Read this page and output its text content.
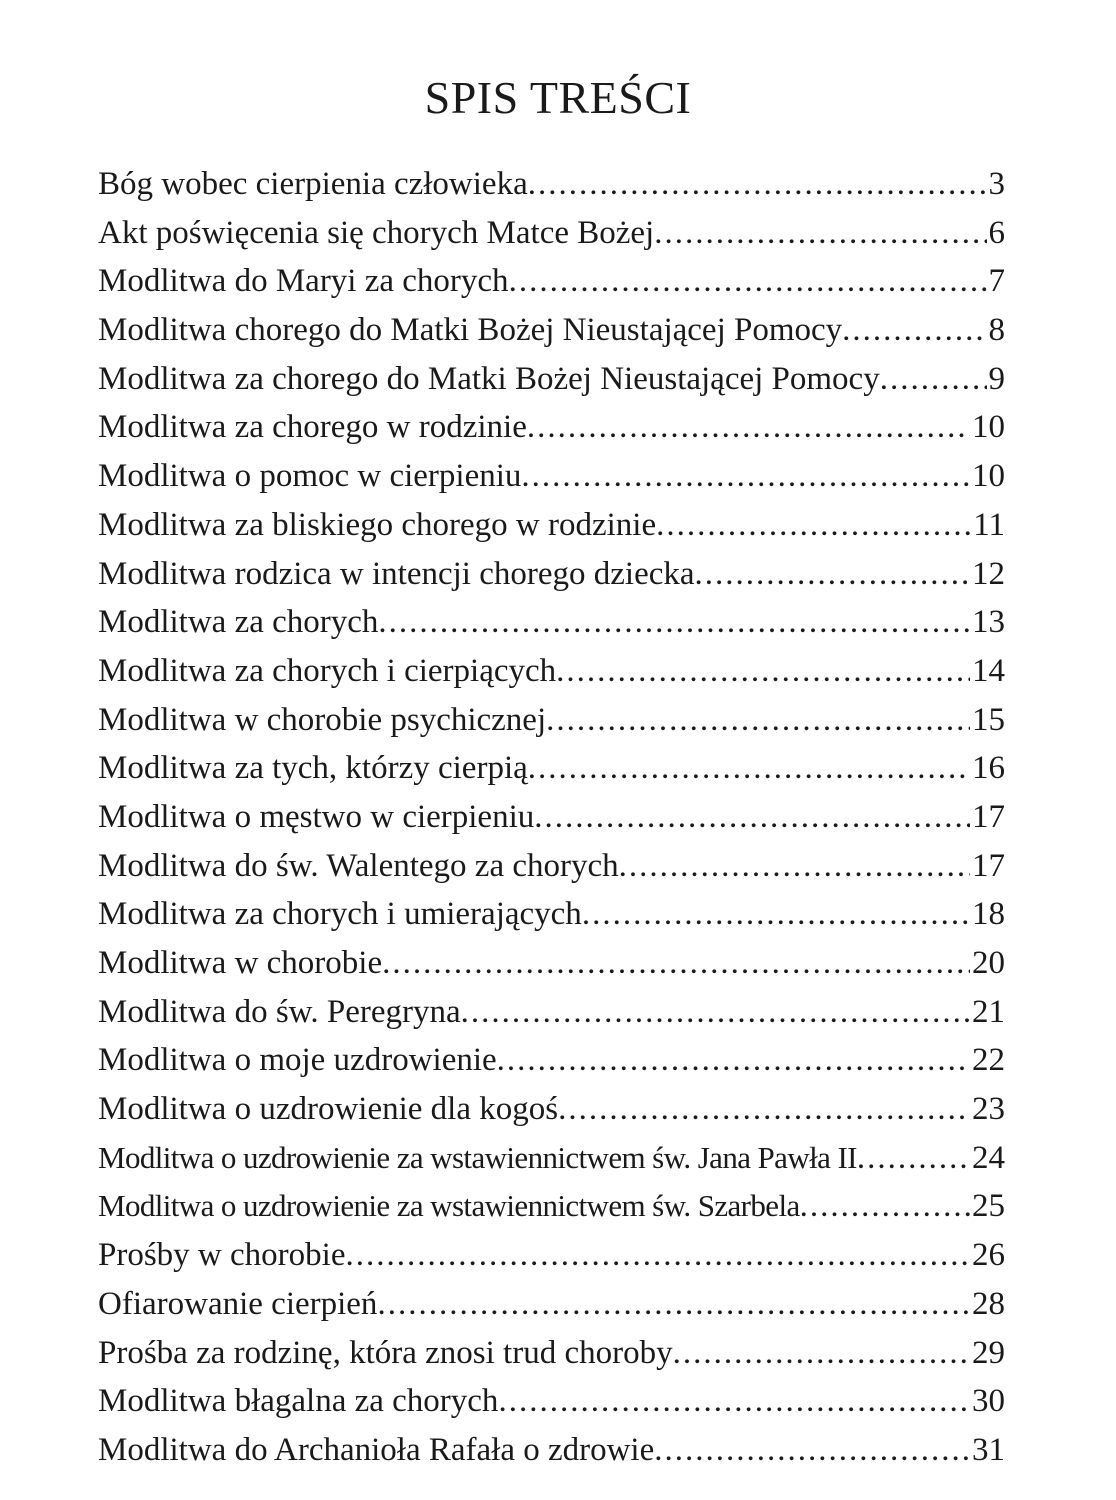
SPIS TREŚCI
Bóg wobec cierpienia człowieka .....	3
Akt poświęcenia się chorych Matce Bożej .....	6
Modlitwa do Maryi za chorych .....	7
Modlitwa chorego do Matki Bożej Nieustającej Pomocy .....	8
Modlitwa za chorego do Matki Bożej Nieustającej Pomocy .....	9
Modlitwa za chorego w rodzinie .....	10
Modlitwa o pomoc w cierpieniu .....	10
Modlitwa za bliskiego chorego w rodzinie .....	11
Modlitwa rodzica w intencji chorego dziecka .....	12
Modlitwa za chorych .....	13
Modlitwa za chorych i cierpiących .....	14
Modlitwa w chorobie psychicznej .....	15
Modlitwa za tych, którzy cierpią .....	16
Modlitwa o męstwo w cierpieniu .....	17
Modlitwa do św. Walentego za chorych .....	17
Modlitwa za chorych i umierających .....	18
Modlitwa w chorobie .....	20
Modlitwa do św. Peregryna .....	21
Modlitwa o moje uzdrowienie .....	22
Modlitwa o uzdrowienie dla kogoś .....	23
Modlitwa o uzdrowienie za wstawiennictwem św. Jana Pawła II .....	24
Modlitwa o uzdrowienie za wstawiennictwem św. Szarbela .....	25
Prośby w chorobie .....	26
Ofiarowanie cierpień .....	28
Prośba za rodzinę, która znosi trud choroby .....	29
Modlitwa błagalna za chorych .....	30
Modlitwa do Archanioła Rafała o zdrowie .....	31
